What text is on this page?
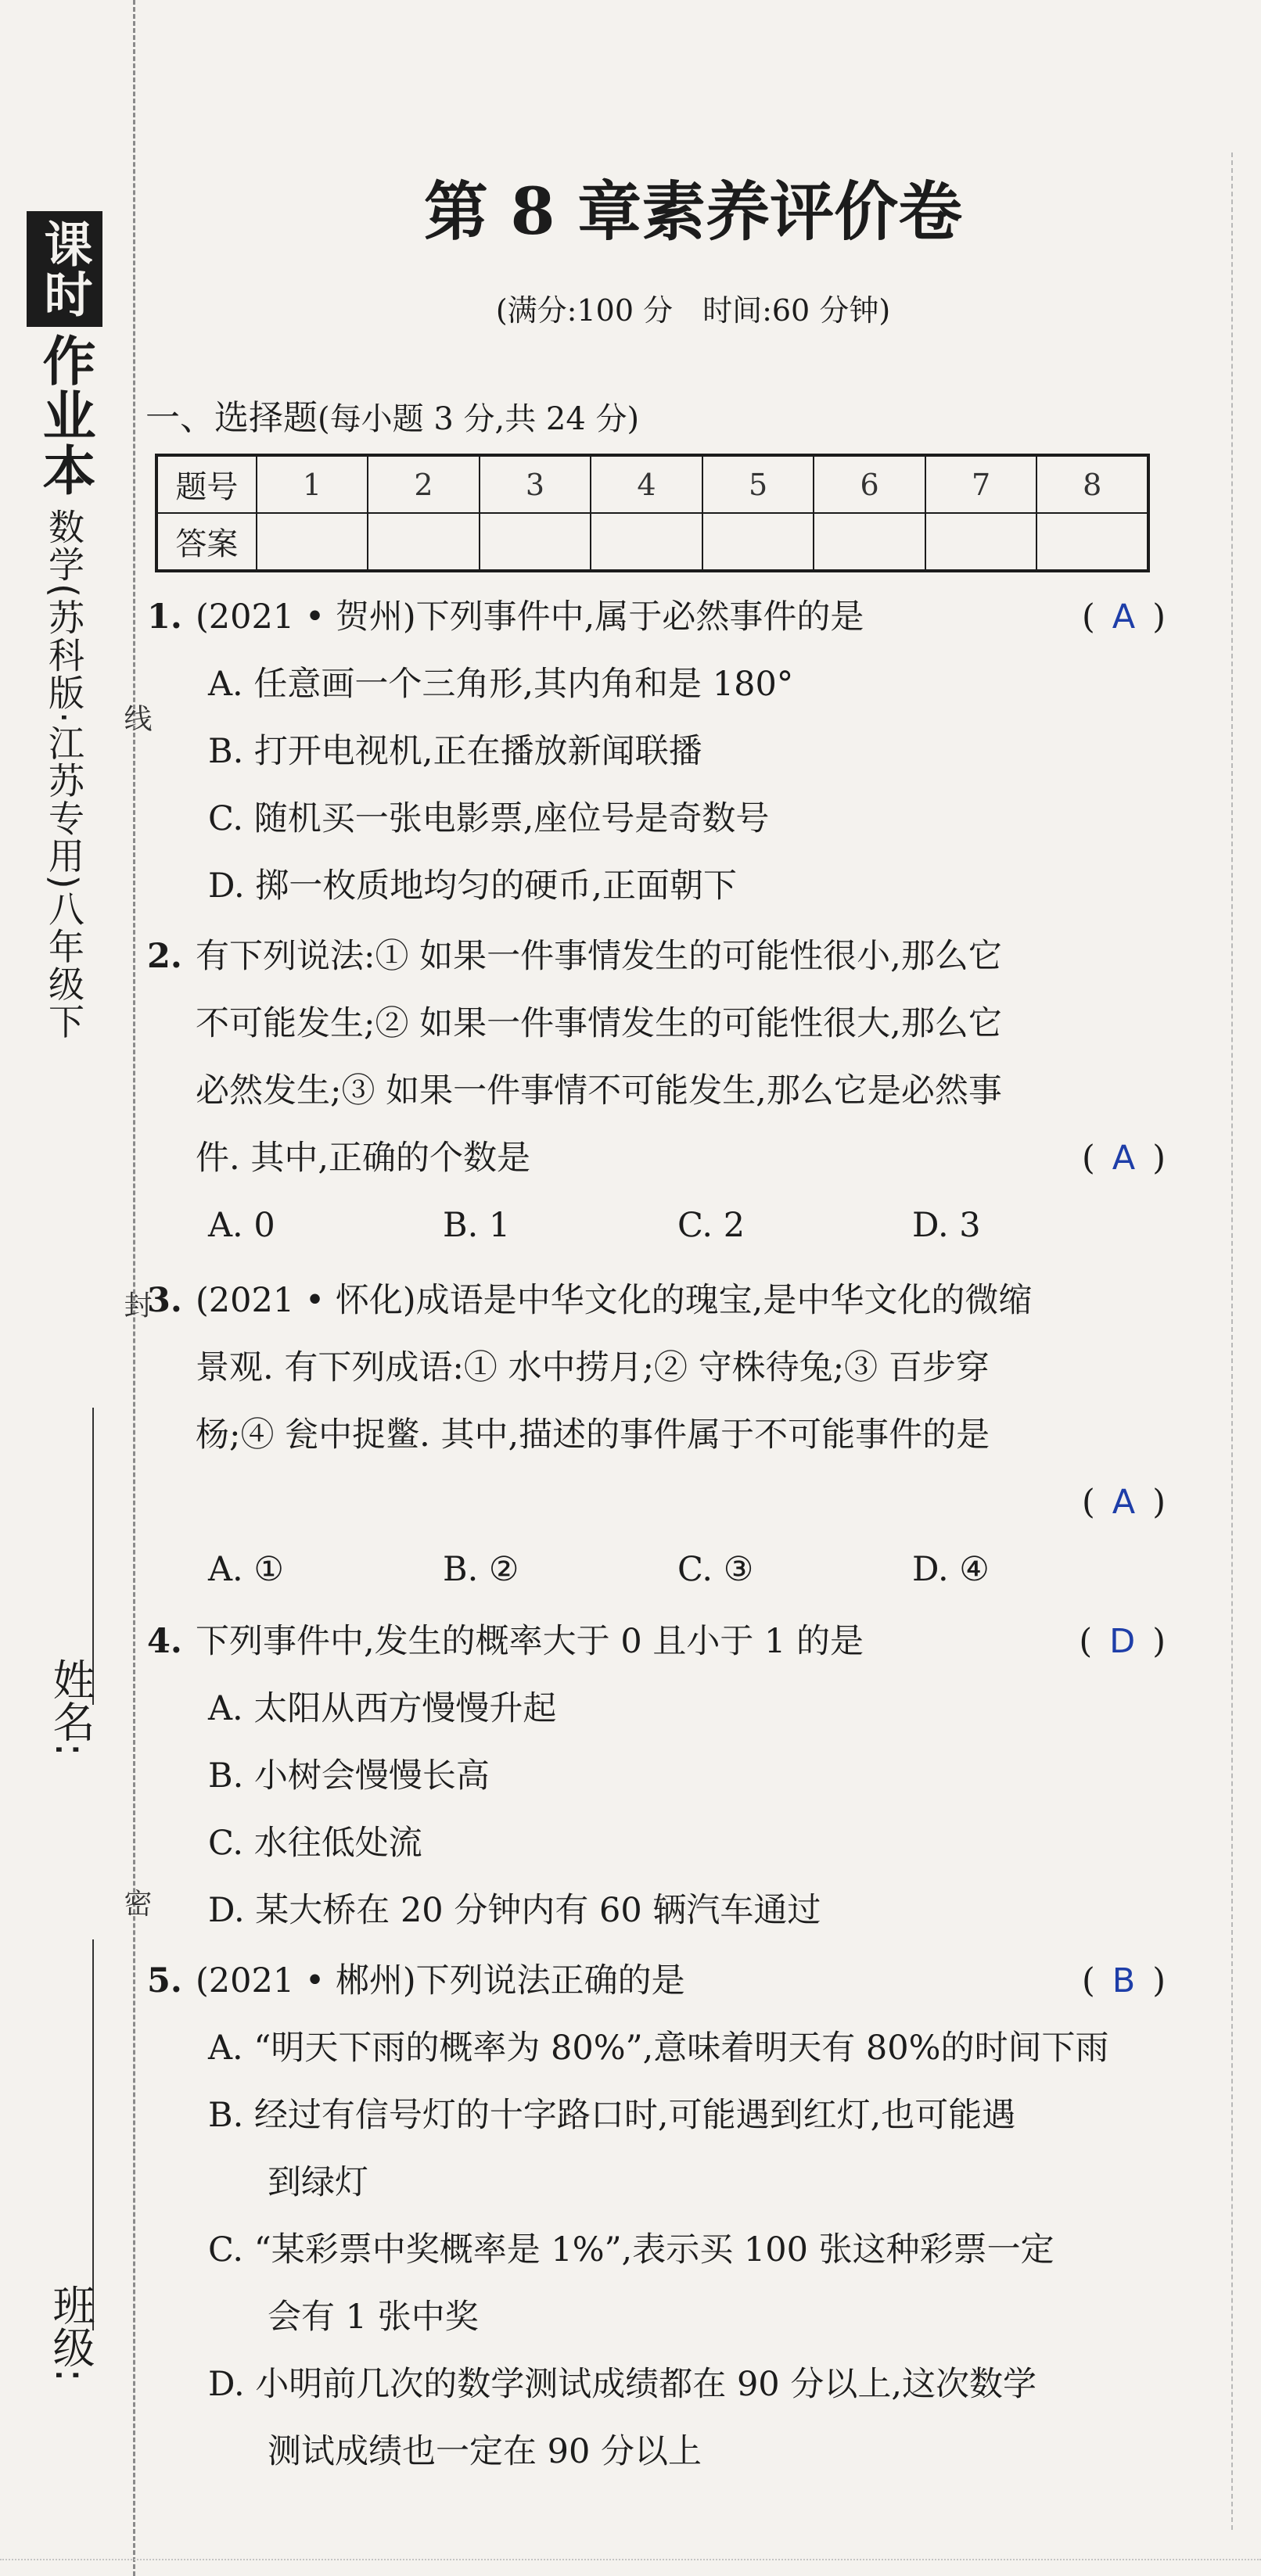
课时作业本数学(苏科版·江苏专用)八年级下	线
封
密
姓名:
班级:
第 8 章素养评价卷
(满分:100 分　时间:60 分钟)
一、选择题(每小题 3 分,共 24 分)
题号	1	2	3	4	5	6	7	8
答案								
1. (2021 • 贺州)下列事件中,属于必然事件的是	( A )
A. 任意画一个三角形,其内角和是 180°
B. 打开电视机,正在播放新闻联播
C. 随机买一张电影票,座位号是奇数号
D. 掷一枚质地均匀的硬币,正面朝下
2. 有下列说法:① 如果一件事情发生的可能性很小,那么它
不可能发生;② 如果一件事情发生的可能性很大,那么它
必然发生;③ 如果一件事情不可能发生,那么它是必然事
件. 其中,正确的个数是	( A )
A. 0	B. 1	C. 2	D. 3
3. (2021 • 怀化)成语是中华文化的瑰宝,是中华文化的微缩
景观. 有下列成语:① 水中捞月;② 守株待兔;③ 百步穿
杨;④ 瓮中捉鳖. 其中,描述的事件属于不可能事件的是
( A )
A. ①	B. ②	C. ③	D. ④
4. 下列事件中,发生的概率大于 0 且小于 1 的是	( D )
A. 太阳从西方慢慢升起
B. 小树会慢慢长高
C. 水往低处流
D. 某大桥在 20 分钟内有 60 辆汽车通过
5. (2021 • 郴州)下列说法正确的是	( B )
A. “明天下雨的概率为 80%”,意味着明天有 80%的时间下雨
B. 经过有信号灯的十字路口时,可能遇到红灯,也可能遇
到绿灯
C. “某彩票中奖概率是 1%”,表示买 100 张这种彩票一定
会有 1 张中奖
D. 小明前几次的数学测试成绩都在 90 分以上,这次数学
测试成绩也一定在 90 分以上
